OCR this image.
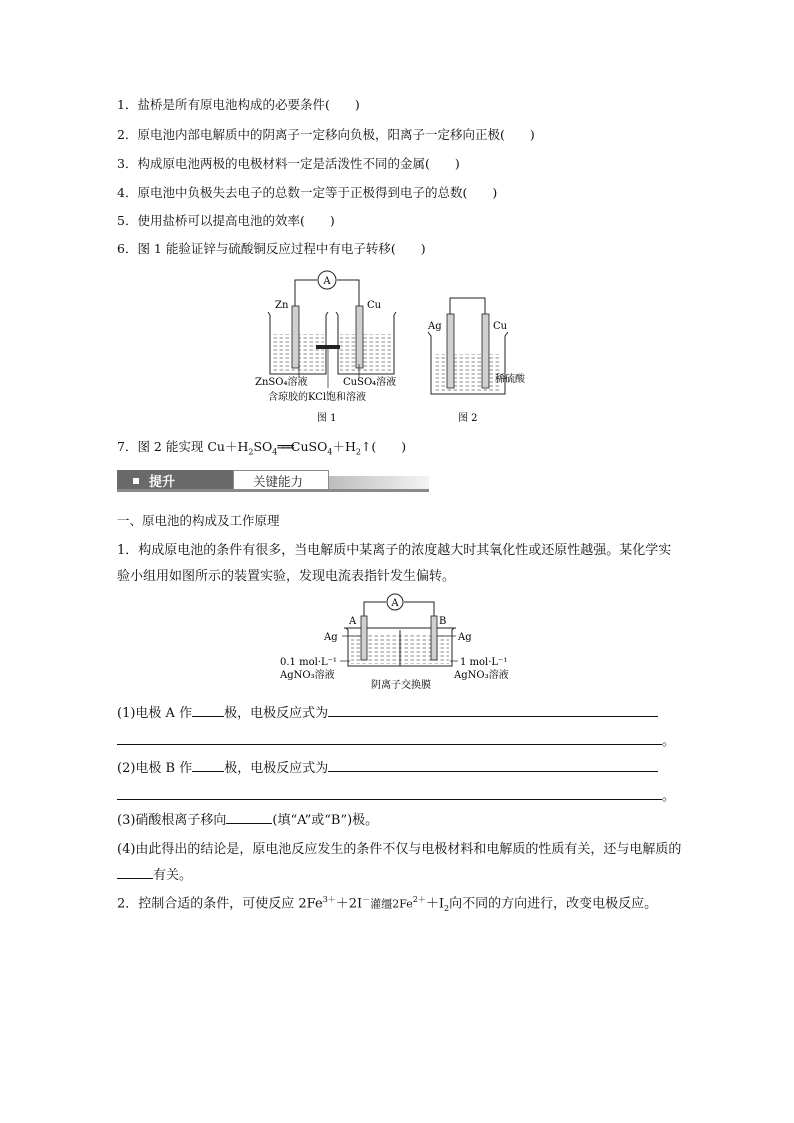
1．盐桥是所有原电池构成的必要条件(　　)
2．原电池内部电解质中的阴离子一定移向负极，阳离子一定移向正极(　　)
3．构成原电池两极的电极材料一定是活泼性不同的金属(　　)
4．原电池中负极失去电子的总数一定等于正极得到电子的总数(　　)
5．使用盐桥可以提高电池的效率(　　)
6．图 1 能验证锌与硫酸铜反应过程中有电子转移(　　)
A
Zn	Cu
ZnSO₄溶液	CuSO₄溶液
含琼胶的KCl饱和溶液
图 1
Ag	Cu
稀硫酸
图 2
7．图 2 能实现 $Cu+H_2SO_4═══CuSO_4+H_2↑$(　　)
提升	关键能力
一、原电池的构成及工作原理
1．构成原电池的条件有很多，当电解质中某离子的浓度越大时其氧化性或还原性越强。某化学实验小组用如图所示的装置实验，发现电流表指针发生偏转。
A
A	B
Ag	Ag
0.1 mol·L⁻¹
AgNO₃溶液
1 mol·L⁻¹
AgNO₃溶液
阴离子交换膜
(1)电极 A 作 极，电极反应式为
。
(2)电极 B 作 极，电极反应式为
。
(3)硝酸根离子移向	(填“A”或“B”)极。
(4)由此得出的结论是，原电池反应发生的条件不仅与电极材料和电解质的性质有关，还与电解质的有关。
2．控制合适的条件，可使反应 $2Fe^{3+}+2I^-$灌缰$2Fe^{2+}+I_2$向不同的方向进行，改变电极反应。
